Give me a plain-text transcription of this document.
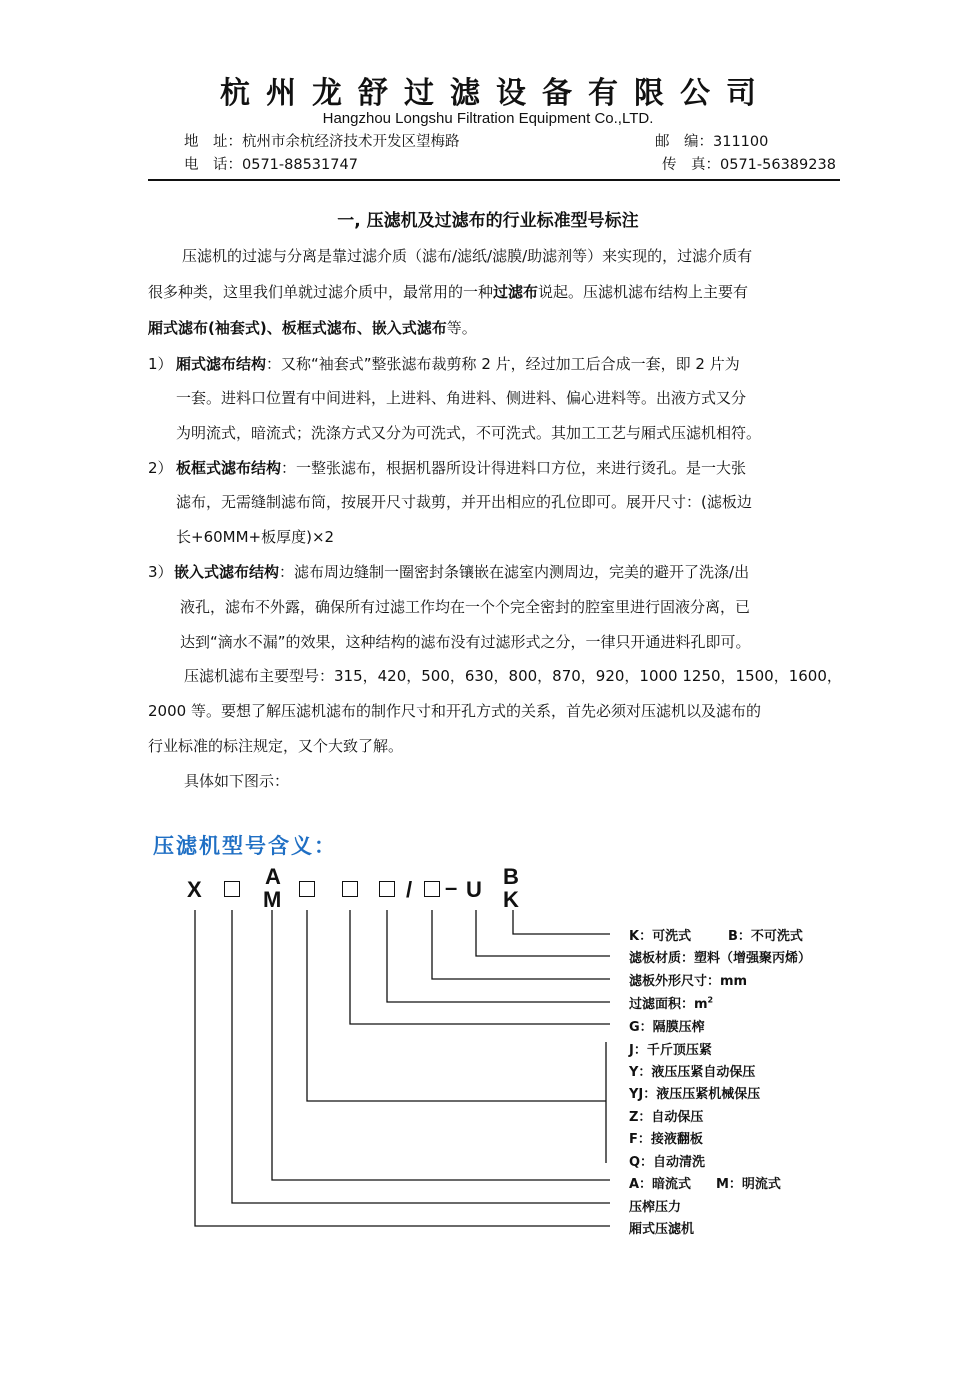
杭州龙舒过滤设备有限公司
Hangzhou Longshu Filtration Equipment Co.,LTD.
地　址：杭州市余杭经济技术开发区望梅路	邮　编：311100
电　话：0571-88531747	传　真：0571-56389238
一, 压滤机及过滤布的行业标准型号标注
压滤机的过滤与分离是靠过滤介质（滤布/滤纸/滤膜/助滤剂等）来实现的，过滤介质有
很多种类，这里我们单就过滤介质中，最常用的一种过滤布说起。压滤机滤布结构上主要有
厢式滤布(袖套式)、板框式滤布、嵌入式滤布等。
1） 厢式滤布结构：又称“袖套式”整张滤布裁剪称 2 片，经过加工后合成一套，即 2 片为
一套。进料口位置有中间进料，上进料、角进料、侧进料、偏心进料等。出液方式又分
为明流式，暗流式；洗涤方式又分为可洗式，不可洗式。其加工工艺与厢式压滤机相符。
2） 板框式滤布结构：一整张滤布，根据机器所设计得进料口方位，来进行烫孔。是一大张
滤布，无需缝制滤布筒，按展开尺寸裁剪，并开出相应的孔位即可。展开尺寸：(滤板边
长+60MM+板厚度)×2
3） 嵌入式滤布结构：滤布周边缝制一圈密封条镶嵌在滤室内测周边，完美的避开了洗涤/出
液孔，滤布不外露，确保所有过滤工作均在一个个完全密封的腔室里进行固液分离，已
达到“滴水不漏”的效果，这种结构的滤布没有过滤形式之分，一律只开通进料孔即可。
压滤机滤布主要型号：315，420，500，630，800，870，920，1000 1250，1500，1600，
2000 等。要想了解压滤机滤布的制作尺寸和开孔方式的关系，首先必须对压滤机以及滤布的
行业标准的标注规定，又个大致了解。
具体如下图示：
压滤机型号含义：
X
A
M	/ – U
B
K
K：可洗式	B：不可洗式
滤板材质：塑料（增强聚丙烯）
滤板外形尺寸：mm
过滤面积：$m^2$
G：隔膜压榨
J：千斤顶压紧
Y：液压压紧自动保压
YJ：液压压紧机械保压
Z：自动保压
F：接液翻板
Q：自动清洗
A：暗流式 M：明流式
压榨压力
厢式压滤机
